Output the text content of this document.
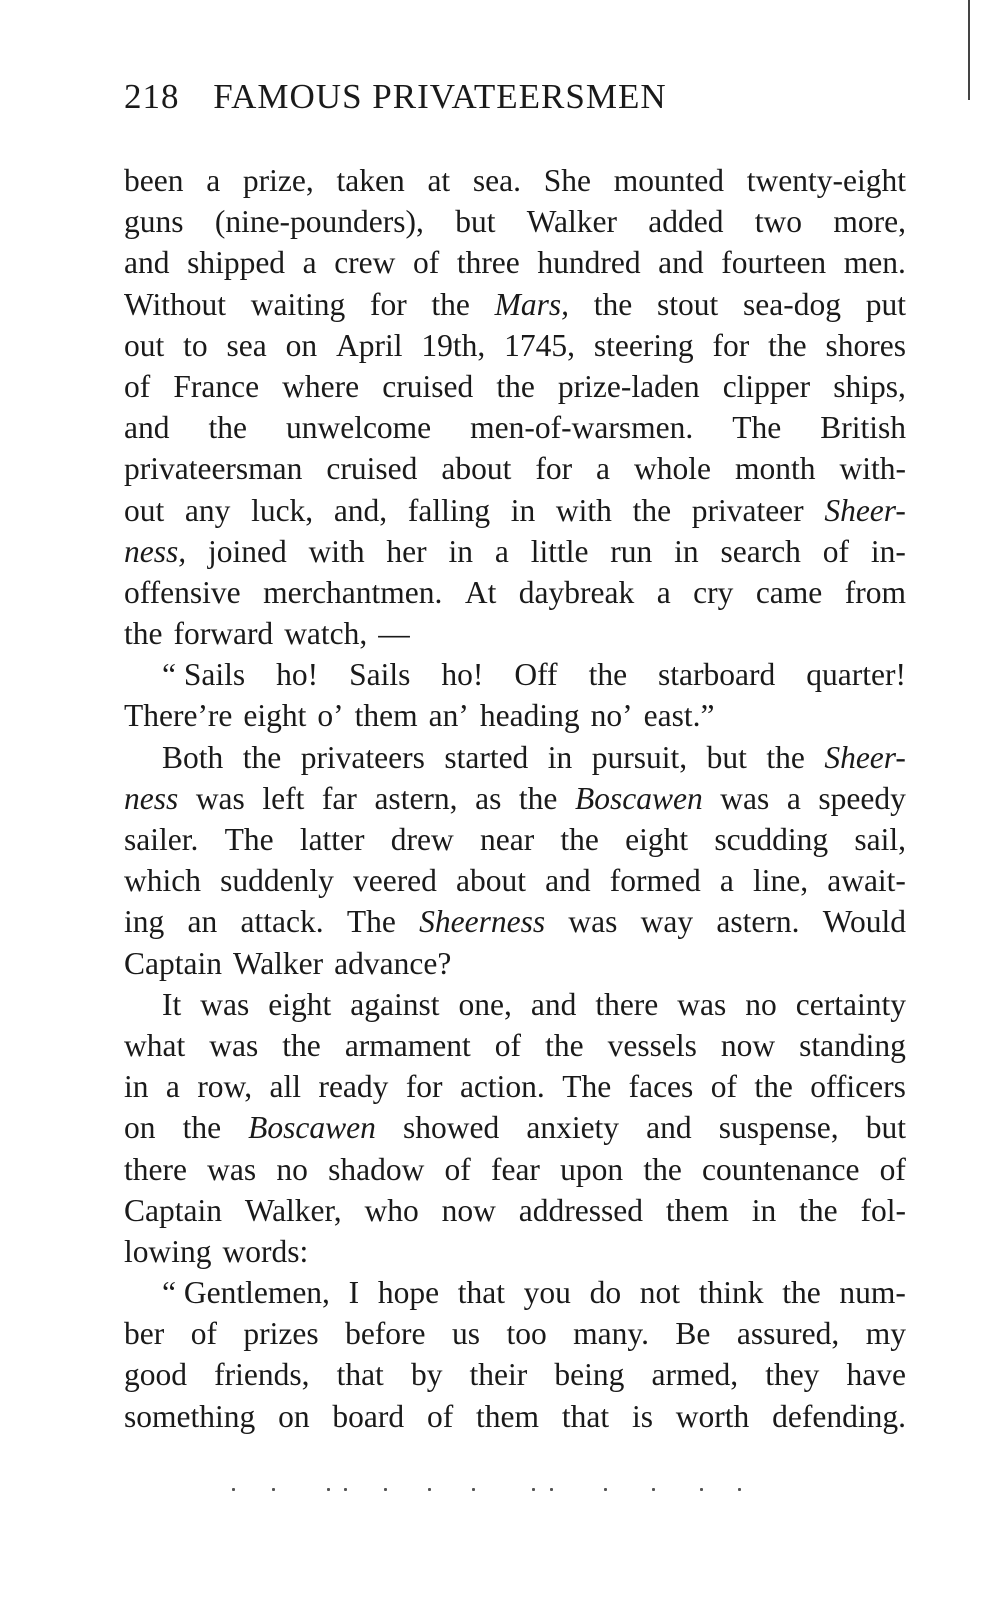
218 FAMOUS PRIVATEERSMEN
been a prize, taken at sea. She mounted twenty-eight
guns (nine-pounders), but Walker added two more,
and shipped a crew of three hundred and fourteen men.
Without waiting for the Mars, the stout sea-dog put
out to sea on April 19th, 1745, steering for the shores
of France where cruised the prize-laden clipper ships,
and the unwelcome men-of-warsmen. The British
privateersman cruised about for a whole month with-
out any luck, and, falling in with the privateer Sheer-
ness, joined with her in a little run in search of in-
offensive merchantmen. At daybreak a cry came from
the forward watch, —
“ Sails ho! Sails ho! Off the starboard quarter!
There’re eight o’ them an’ heading no’ east.”
Both the privateers started in pursuit, but the Sheer-
ness was left far astern, as the Boscawen was a speedy
sailer. The latter drew near the eight scudding sail,
which suddenly veered about and formed a line, await-
ing an attack. The Sheerness was way astern. Would
Captain Walker advance?
It was eight against one, and there was no certainty
what was the armament of the vessels now standing
in a row, all ready for action. The faces of the officers
on the Boscawen showed anxiety and suspense, but
there was no shadow of fear upon the countenance of
Captain Walker, who now addressed them in the fol-
lowing words:
“ Gentlemen, I hope that you do not think the num-
ber of prizes before us too many. Be assured, my
good friends, that by their being armed, they have
something on board of them that is worth defending.
